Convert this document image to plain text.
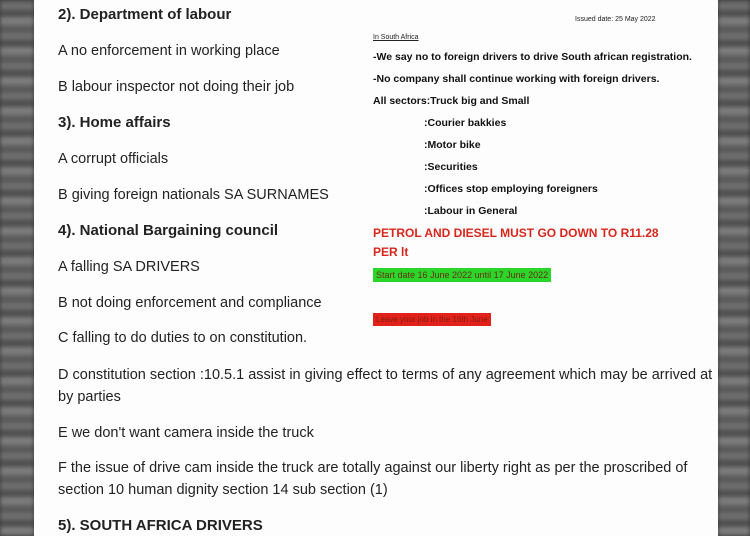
2). Department of labour
A no enforcement in working place
B labour inspector not doing their job
3). Home affairs
A corrupt officials
B giving foreign nationals SA SURNAMES
4). National Bargaining council
A falling SA DRIVERS
B not doing enforcement and compliance
C falling to do duties to on constitution.
D constitution section :10.5.1 assist in giving effect to terms of any agreement which may be arrived at by parties
E we don't want camera inside the truck
F the issue of drive cam inside the truck are totally against our liberty right as per the proscribed of section 10 human dignity section 14 sub section (1)
5). SOUTH AFRICA DRIVERS
Issued date: 25 May 2022
In South Africa
-We say no to foreign drivers to drive South african registration.
-No company shall continue working with foreign drivers.
All sectors:Truck big and Small
:Courier bakkies
:Motor bike
:Securities
:Offices stop employing foreigners
:Labour in General
PETROL AND DIESEL MUST GO DOWN TO R11.28
PER lt
Start date 16 June 2022 until 17 June 2022
Leave your job in the 16th June
